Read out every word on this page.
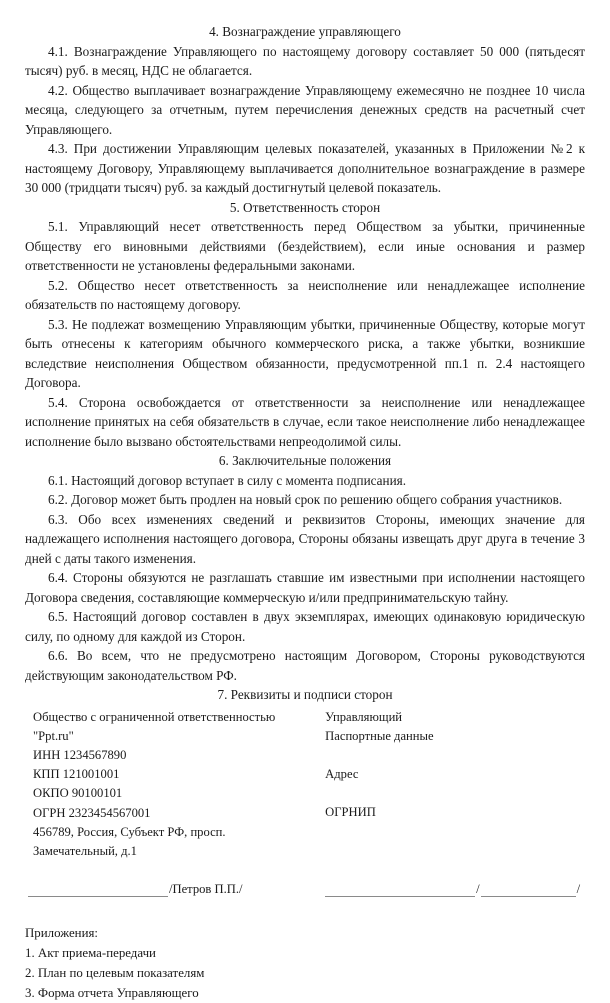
4. Вознаграждение управляющего

4.1. Вознаграждение Управляющего по настоящему договору составляет 50 000 (пятьдесят тысяч) руб. в месяц, НДС не облагается.

4.2. Общество выплачивает вознаграждение Управляющему ежемесячно не позднее 10 числа месяца, следующего за отчетным, путем перечисления денежных средств на расчетный счет Управляющего.

4.3. При достижении Управляющим целевых показателей, указанных в Приложении №2 к настоящему Договору, Управляющему выплачивается дополнительное вознаграждение в размере 30 000 (тридцати тысяч) руб. за каждый достигнутый целевой показатель.

5. Ответственность сторон

5.1. Управляющий несет ответственность перед Обществом за убытки, причиненные Обществу его виновными действиями (бездействием), если иные основания и размер ответственности не установлены федеральными законами.

5.2. Общество несет ответственность за неисполнение или ненадлежащее исполнение обязательств по настоящему договору.

5.3. Не подлежат возмещению Управляющим убытки, причиненные Обществу, которые могут быть отнесены к категориям обычного коммерческого риска, а также убытки, возникшие вследствие неисполнения Обществом обязанности, предусмотренной пп.1 п. 2.4 настоящего Договора.

5.4. Сторона освобождается от ответственности за неисполнение или ненадлежащее исполнение принятых на себя обязательств в случае, если такое неисполнение либо ненадлежащее исполнение было вызвано обстоятельствами непреодолимой силы.

6. Заключительные положения

6.1. Настоящий договор вступает в силу с момента подписания.

6.2. Договор может быть продлен на новый срок по решению общего собрания участников.

6.3. Обо всех изменениях сведений и реквизитов Стороны, имеющих значение для надлежащего исполнения настоящего договора, Стороны обязаны извещать друг друга в течение 3 дней с даты такого изменения.

6.4. Стороны обязуются не разглашать ставшие им известными при исполнении настоящего Договора сведения, составляющие коммерческую и/или предпринимательскую тайну.

6.5. Настоящий договор составлен в двух экземплярах, имеющих одинаковую юридическую силу, по одному для каждой из Сторон.

6.6. Во всем, что не предусмотрено настоящим Договором, Стороны руководствуются действующим законодательством РФ.

7. Реквизиты и подписи сторон

Общество с ограниченной ответственностью
"Ppt.ru"
ИНН 1234567890
КПП 121001001
ОКПО 90100101
ОГРН 2323454567001
456789, Россия, Субъект РФ, просп.
Замечательный, д.1
Управляющий
Паспортные данные
Адрес
ОГРНИП
/Петров П.П./	/	/
Приложения:
1. Акт приема-передачи
2. План по целевым показателям
3. Форма отчета Управляющего
